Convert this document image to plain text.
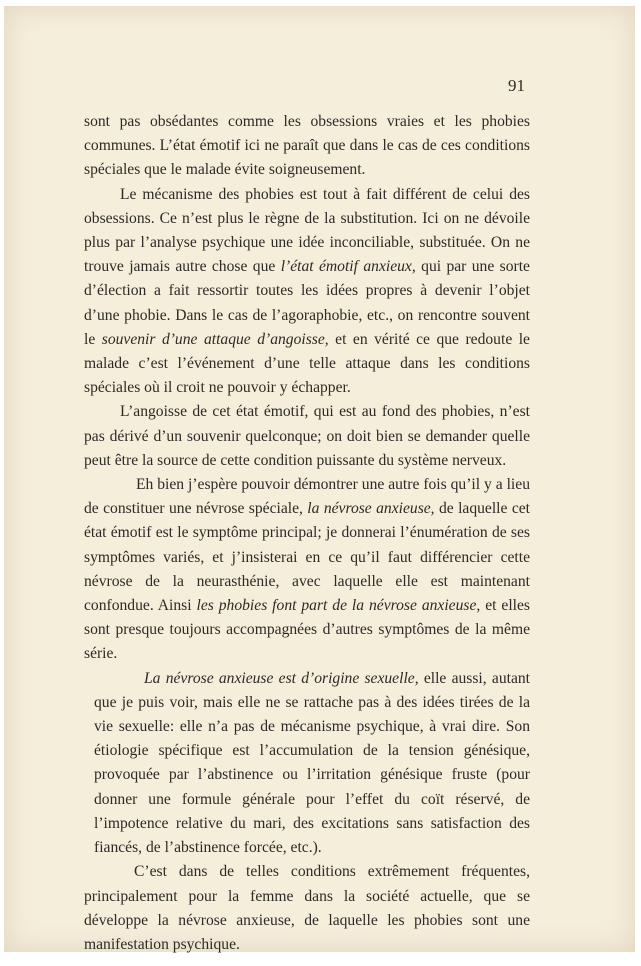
91

sont pas obsédantes comme les obsessions vraies et les phobies communes. L’état émotif ici ne paraît que dans le cas de ces conditions spéciales que le malade évite soigneusement.

Le mécanisme des phobies est tout à fait différent de celui des obsessions. Ce n’est plus le règne de la substitution. Ici on ne dévoile plus par l’analyse psychique une idée inconciliable, substituée. On ne trouve jamais autre chose que l’état émotif anxieux, qui par une sorte d’élection a fait ressortir toutes les idées propres à devenir l’objet d’une phobie. Dans le cas de l’agoraphobie, etc., on rencontre souvent le souvenir d’une attaque d’angoisse, et en vérité ce que redoute le malade c’est l’événement d’une telle attaque dans les conditions spéciales où il croit ne pouvoir y échapper.

L’angoisse de cet état émotif, qui est au fond des phobies, n’est pas dérivé d’un souvenir quelconque; on doit bien se demander quelle peut être la source de cette condition puissante du système nerveux.

Eh bien j’espère pouvoir démontrer une autre fois qu’il y a lieu de constituer une névrose spéciale, la névrose anxieuse, de laquelle cet état émotif est le symptôme principal; je donnerai l’énumération de ses symptômes variés, et j’insisterai en ce qu’il faut différencier cette névrose de la neurasthénie, avec laquelle elle est maintenant confondue. Ainsi les phobies font part de la névrose anxieuse, et elles sont presque toujours accompagnées d’autres symptômes de la même série.

La névrose anxieuse est d’origine sexuelle, elle aussi, autant que je puis voir, mais elle ne se rattache pas à des idées tirées de la vie sexuelle: elle n’a pas de mécanisme psychique, à vrai dire. Son étiologie spécifique est l’accumulation de la tension génésique, provoquée par l’abstinence ou l’irritation génésique fruste (pour donner une formule générale pour l’effet du coït réservé, de l’impotence relative du mari, des excitations sans satisfaction des fiancés, de l’abstinence forcée, etc.).

C’est dans de telles conditions extrêmement fréquentes, principalement pour la femme dans la société actuelle, que se développe la névrose anxieuse, de laquelle les phobies sont une manifestation psychique.
